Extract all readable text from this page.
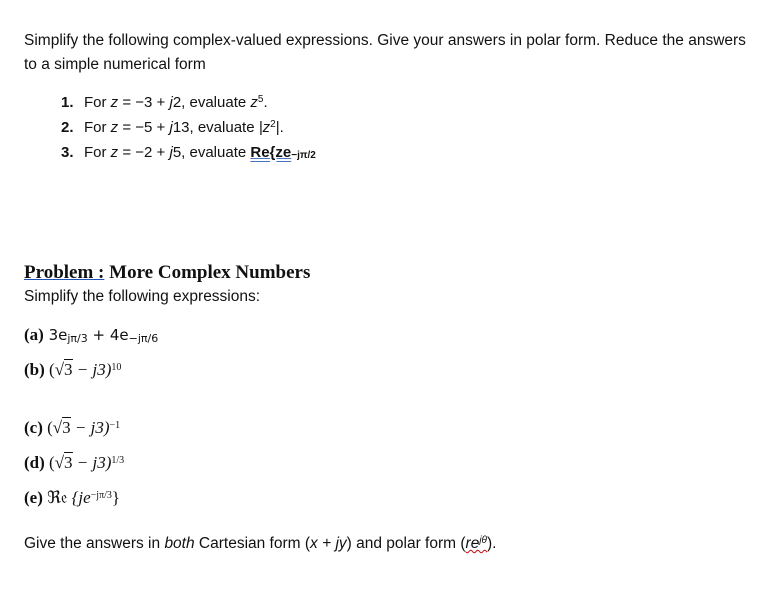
Simplify the following complex-valued expressions. Give your answers in polar form. Reduce the answers to a simple numerical form
1. For z = −3 + j2, evaluate $z^5$.
2. For z = −5 + j13, evaluate $|z^2|$.
3. For z = −2 + j5, evaluate $Re\{ze_{-j\pi/2}$
Problem : More Complex Numbers
Simplify the following expressions:
(a) $3e_{j\pi/3} + 4e_{-j\pi/6}$
(b) $(√3 - j3)^{10}$
(c) $(√3 - j3)^{-1}$
(d) $(√3 - j3)^{1/3}$
(e) ℜ𝔢 $\{je^{-j\pi/3}\}$
Give the answers in both Cartesian form (x + jy) and polar form $(re^{j\theta})$.
